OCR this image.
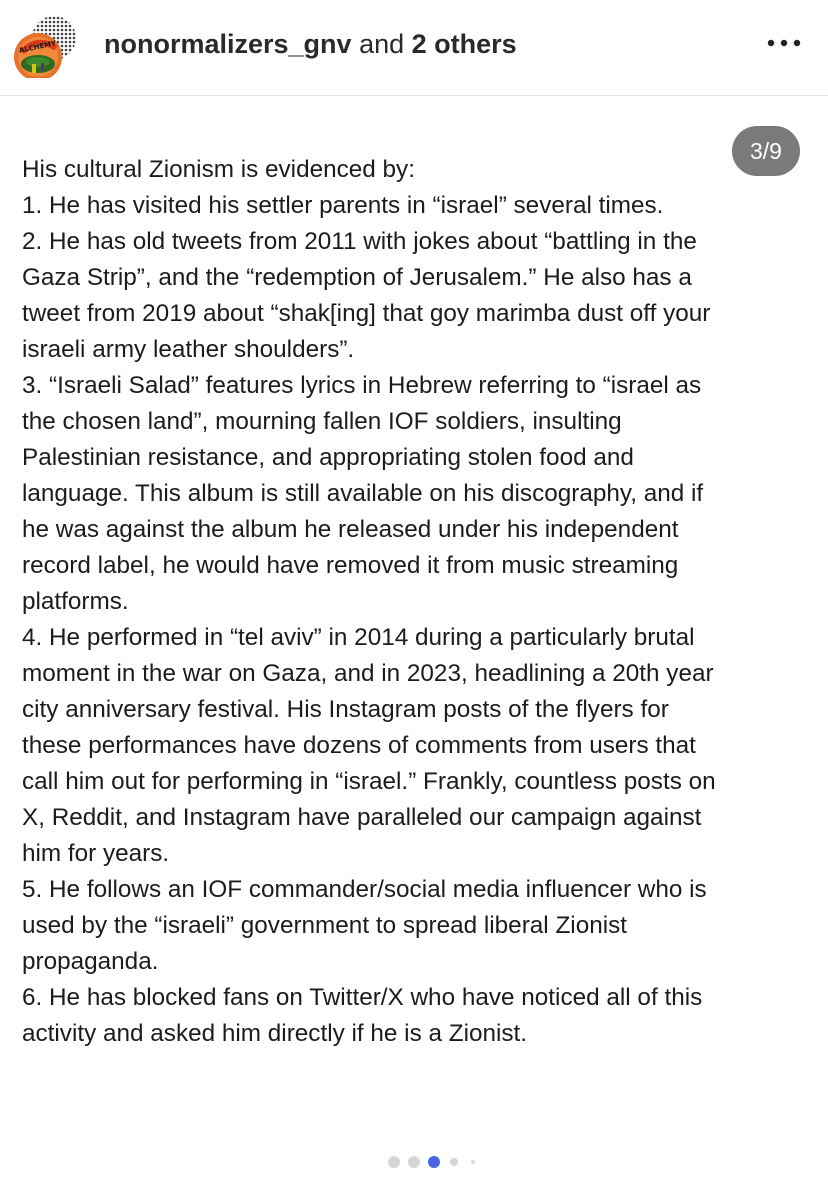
ALCHEMY nonormalizers_gnv and 2 others
3/9

His cultural Zionism is evidenced by:

1. He has visited his settler parents in “israel” several times.

2. He has old tweets from 2011 with jokes about “battling in the

Gaza Strip”, and the “redemption of Jerusalem.” He also has a

tweet from 2019 about “shak[ing] that goy marimba dust off your

israeli army leather shoulders”.

3. “Israeli Salad” features lyrics in Hebrew referring to “israel as

the chosen land”, mourning fallen IOF soldiers, insulting

Palestinian resistance, and appropriating stolen food and

language. This album is still available on his discography, and if

he was against the album he released under his independent

record label, he would have removed it from music streaming

platforms.

4. He performed in “tel aviv” in 2014 during a particularly brutal

moment in the war on Gaza, and in 2023, headlining a 20th year

city anniversary festival. His Instagram posts of the flyers for

these performances have dozens of comments from users that

call him out for performing in “israel.” Frankly, countless posts on

X, Reddit, and Instagram have paralleled our campaign against

him for years.

5. He follows an IOF commander/social media influencer who is

used by the “israeli” government to spread liberal Zionist

propaganda.

6. He has blocked fans on Twitter/X who have noticed all of this

activity and asked him directly if he is a Zionist.
